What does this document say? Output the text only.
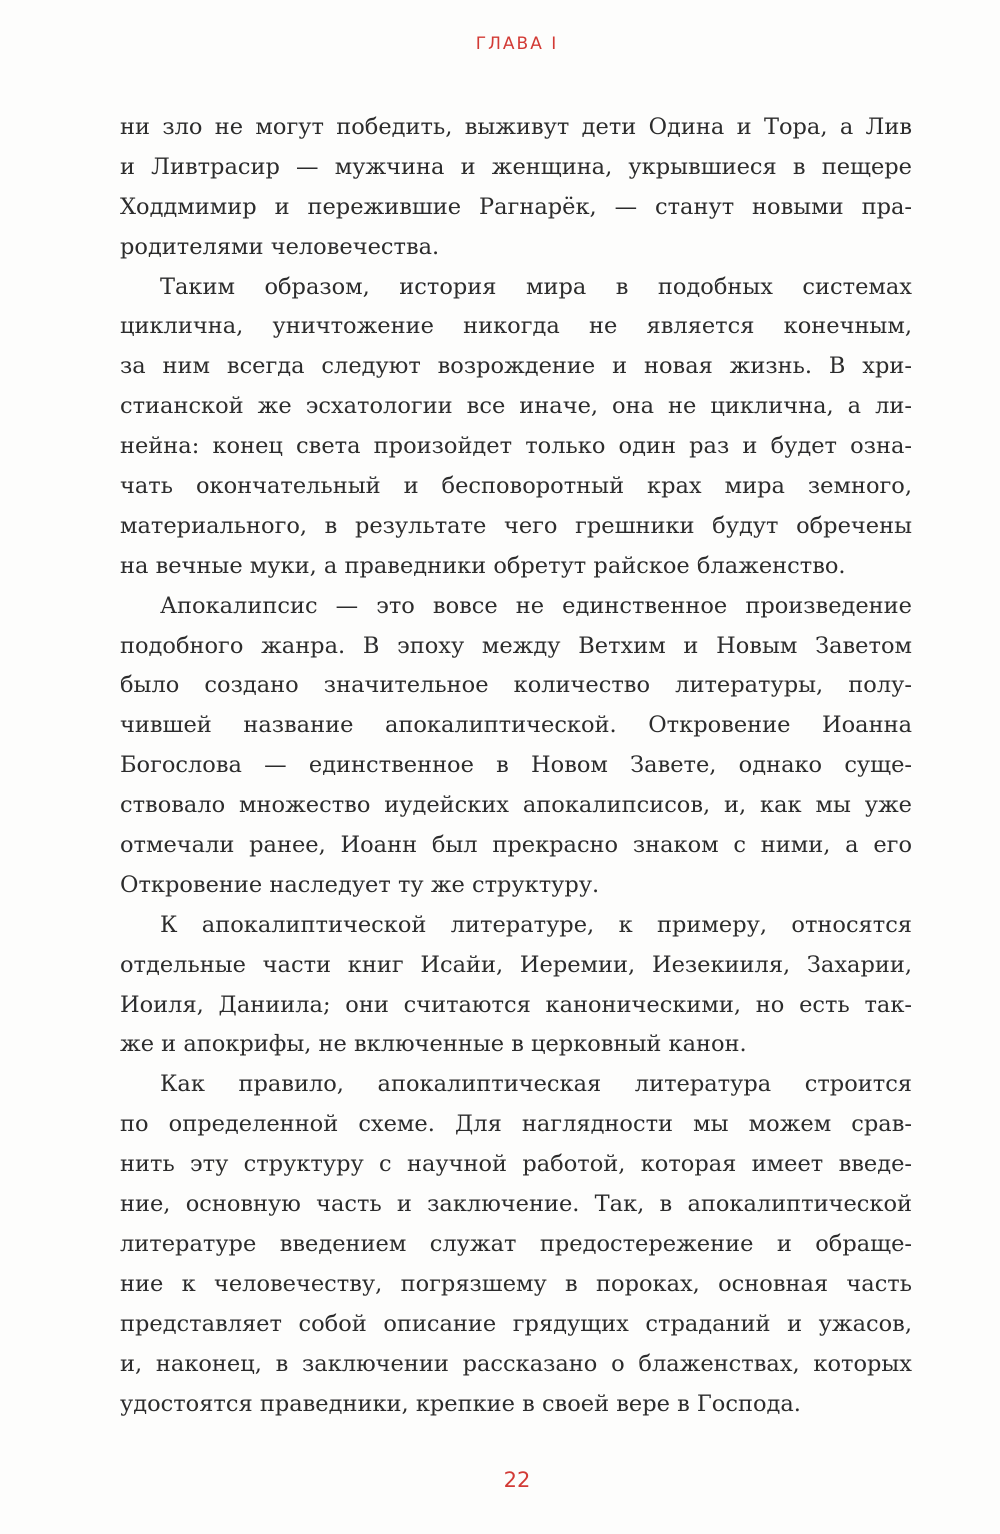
ГЛАВА I
ни зло не могут победить, выживут дети Одина и Тора, а Лив
и Ливтрасир — мужчина и женщина, укрывшиеся в пещере
Ходдмимир и пережившие Рагнарёк, — станут новыми пра-
родителями человечества.
Таким образом, история мира в подобных системах
циклична, уничтожение никогда не является конечным,
за ним всегда следуют возрождение и новая жизнь. В хри-
стианской же эсхатологии все иначе, она не циклична, а ли-
нейна: конец света произойдет только один раз и будет озна-
чать окончательный и бесповоротный крах мира земного,
материального, в результате чего грешники будут обречены
на вечные муки, а праведники обретут райское блаженство.
Апокалипсис — это вовсе не единственное произведение
подобного жанра. В эпоху между Ветхим и Новым Заветом
было создано значительное количество литературы, полу-
чившей название апокалиптической. Откровение Иоанна
Богослова — единственное в Новом Завете, однако суще-
ствовало множество иудейских апокалипсисов, и, как мы уже
отмечали ранее, Иоанн был прекрасно знаком с ними, а его
Откровение наследует ту же структуру.
К апокалиптической литературе, к примеру, относятся
отдельные части книг Исайи, Иеремии, Иезекииля, Захарии,
Иоиля, Даниила; они считаются каноническими, но есть так-
же и апокрифы, не включенные в церковный канон.
Как правило, апокалиптическая литература строится
по определенной схеме. Для наглядности мы можем срав-
нить эту структуру с научной работой, которая имеет введе-
ние, основную часть и заключение. Так, в апокалиптической
литературе введением служат предостережение и обраще-
ние к человечеству, погрязшему в пороках, основная часть
представляет собой описание грядущих страданий и ужасов,
и, наконец, в заключении рассказано о блаженствах, которых
удостоятся праведники, крепкие в своей вере в Господа.
22
